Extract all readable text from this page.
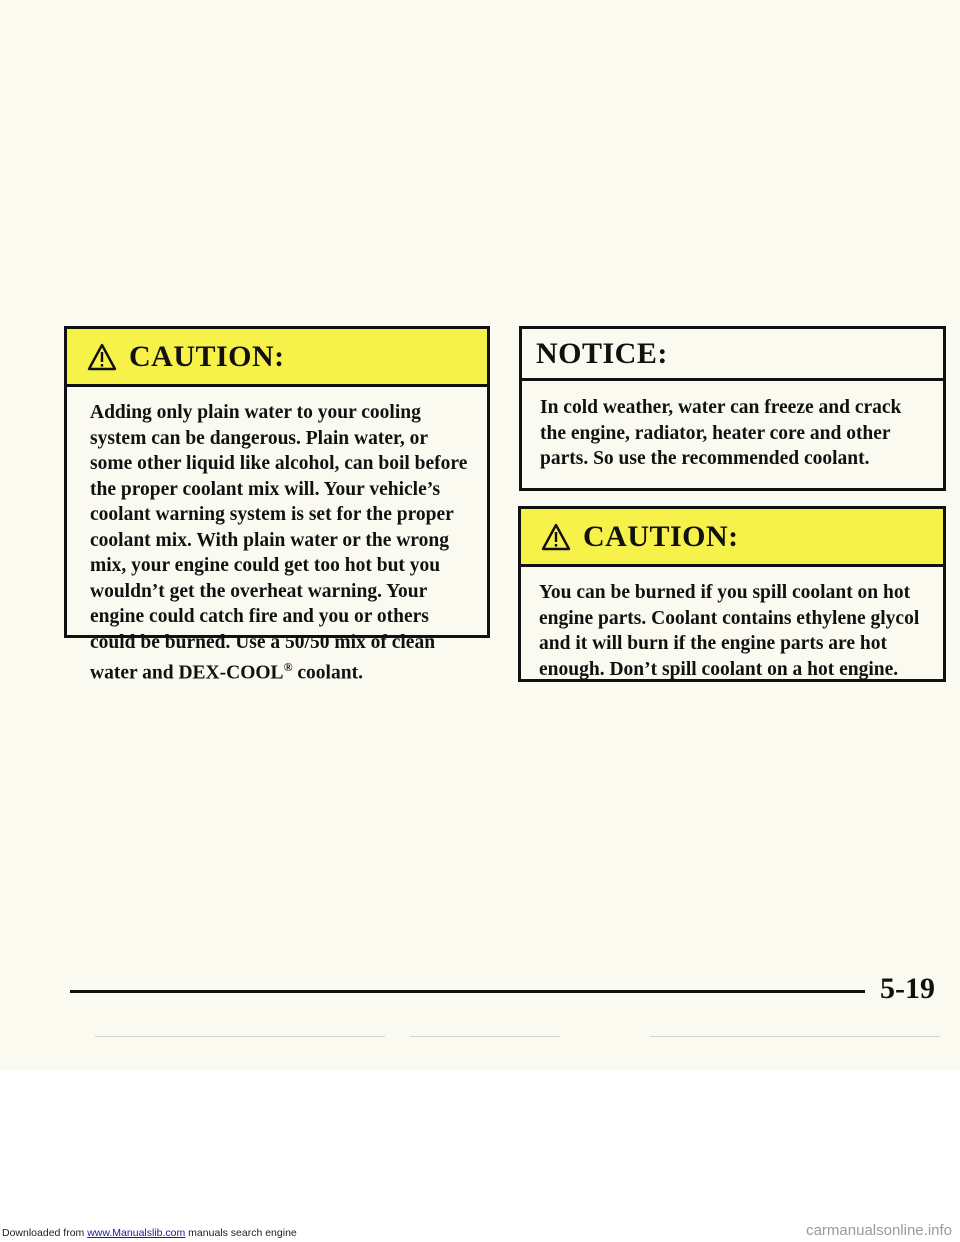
CAUTION:
Adding only plain water to your cooling system can be dangerous. Plain water, or some other liquid like alcohol, can boil before the proper coolant mix will. Your vehicle’s coolant warning system is set for the proper coolant mix. With plain water or the wrong mix, your engine could get too hot but you wouldn’t get the overheat warning. Your engine could catch fire and you or others could be burned. Use a 50/50 mix of clean water and DEX-COOL® coolant.
NOTICE:
In cold weather, water can freeze and crack the engine, radiator, heater core and other parts. So use the recommended coolant.
CAUTION:
You can be burned if you spill coolant on hot engine parts. Coolant contains ethylene glycol and it will burn if the engine parts are hot enough. Don’t spill coolant on a hot engine.
5-19
Downloaded from www.Manualslib.com manuals search engine	carmanualsonline.info
